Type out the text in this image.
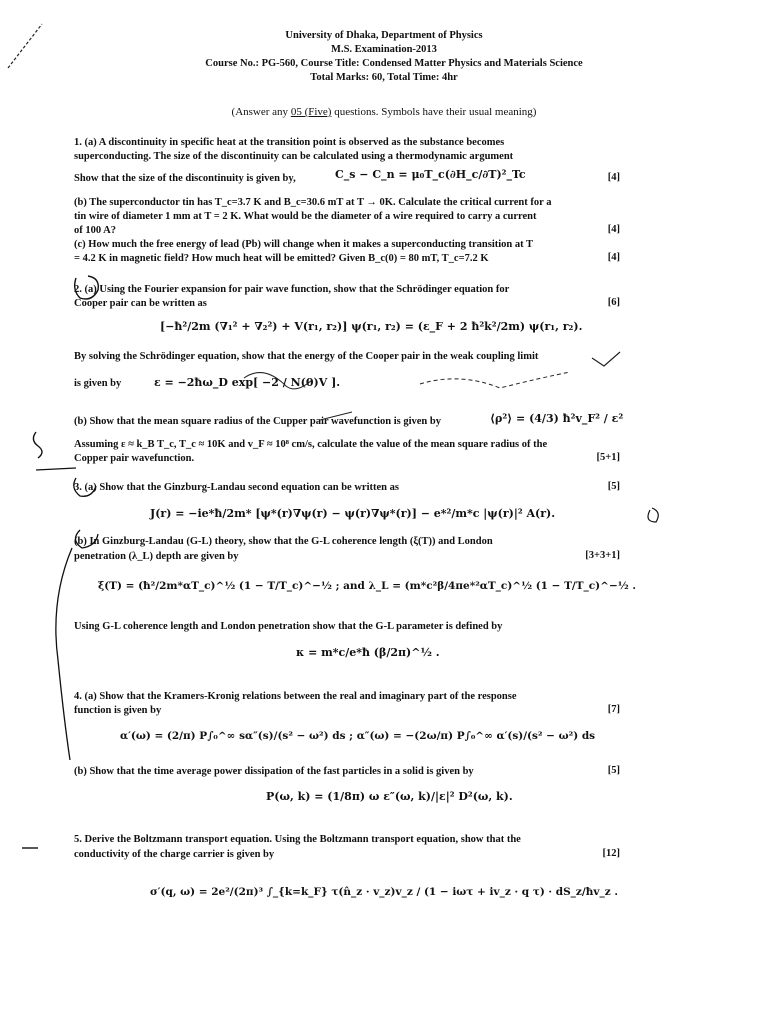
University of Dhaka, Department of Physics
M.S. Examination-2013
Course No.: PG-560, Course Title: Condensed Matter Physics and Materials Science
Total Marks: 60, Total Time: 4hr
(Answer any 05 (Five) questions. Symbols have their usual meaning)
1. (a) A discontinuity in specific heat at the transition point is observed as the substance becomes
superconducting. The size of the discontinuity can be calculated using a thermodynamic argument
Show that the size of the discontinuity is given by,	C_s − C_n = μ₀T_c(∂H_c/∂T)²_Tc	[4]
(b) The superconductor tin has T_c=3.7 K and B_c=30.6 mT at T → 0K. Calculate the critical current for a
tin wire of diameter 1 mm at T = 2 K. What would be the diameter of a wire required to carry a current
of 100 A?	[4]
(c) How much the free energy of lead (Pb) will change when it makes a superconducting transition at T
= 4.2 K in magnetic field? How much heat will be emitted? Given B_c(0) = 80 mT, T_c=7.2 K	[4]
2. (a) Using the Fourier expansion for pair wave function, show that the Schrödinger equation for
Cooper pair can be written as	[6]
[−ħ²/2m (∇₁² + ∇₂²) + V(r₁, r₂)] ψ(r₁, r₂) = (ε_F + 2 ħ²k²/2m) ψ(r₁, r₂).
By solving the Schrödinger equation, show that the energy of the Cooper pair in the weak coupling limit
is given by	ε = −2ħω_D exp[ −2 / N(0)V ].
(b) Show that the mean square radius of the Cupper pair wavefunction is given by	⟨ρ²⟩ = (4/3) ħ²v_F² / ε²
Assuming ε ≈ k_B T_c, T_c ≈ 10K and v_F ≈ 10⁸ cm/s, calculate the value of the mean square radius of the
Copper pair wavefunction.	[5+1]
3. (a) Show that the Ginzburg-Landau second equation can be written as	[5]
J(r) = −ie*ħ/2m* [ψ*(r)∇ψ(r) − ψ(r)∇ψ*(r)] − e*²/m*c |ψ(r)|² A(r).
(b) In Ginzburg-Landau (G-L) theory, show that the G-L coherence length (ξ(T)) and London
penetration (λ_L) depth are given by	[3+3+1]
ξ(T) = (ħ²/2m*αT_c)^½ (1 − T/T_c)^−½ ; and λ_L = (m*c²β/4πe*²αT_c)^½ (1 − T/T_c)^−½ .
Using G-L coherence length and London penetration show that the G-L parameter is defined by
κ = m*c/e*ħ (β/2π)^½ .
4. (a) Show that the Kramers-Kronig relations between the real and imaginary part of the response
function is given by	[7]
α′(ω) = (2/π) P∫₀^∞ sα″(s)/(s² − ω²) ds ; α″(ω) = −(2ω/π) P∫₀^∞ α′(s)/(s² − ω²) ds
(b) Show that the time average power dissipation of the fast particles in a solid is given by	[5]
P(ω, k) = (1/8π) ω ε″(ω, k)/|ε|² D²(ω, k).
5. Derive the Boltzmann transport equation. Using the Boltzmann transport equation, show that the
conductivity of the charge carrier is given by	[12]
σ′(q, ω) = 2e²/(2π)³ ∫_{k=k_F} τ(n̂_z · v_z)v_z / (1 − iωτ + iv_z · q τ) · dS_z/ħv_z .
